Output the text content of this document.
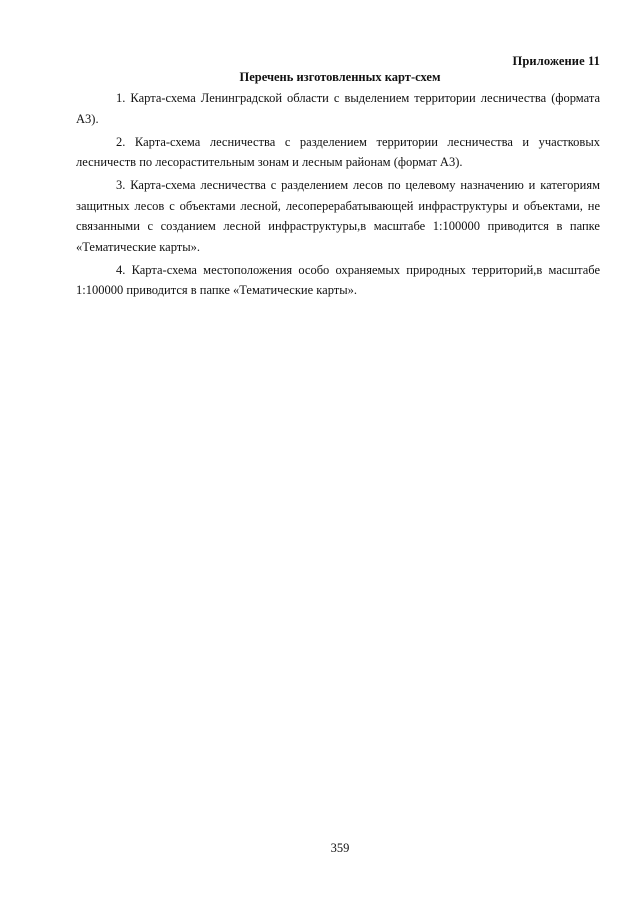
Приложение 11
Перечень изготовленных карт-схем

1. Карта-схема Ленинградской области с выделением территории лесничества (формата А3).

2. Карта-схема лесничества с разделением территории лесничества и участковых лесничеств по лесорастительным зонам и лесным районам (формат А3).

3. Карта-схема лесничества с разделением лесов по целевому назначению и категориям защитных лесов с объектами лесной, лесоперерабатывающей инфраструктуры и объектами, не связанными с созданием лесной инфраструктуры,в масштабе 1:100000 приводится в папке «Тематические карты».

4. Карта-схема местоположения особо охраняемых природных территорий,в масштабе 1:100000 приводится в папке «Тематические карты».

359
